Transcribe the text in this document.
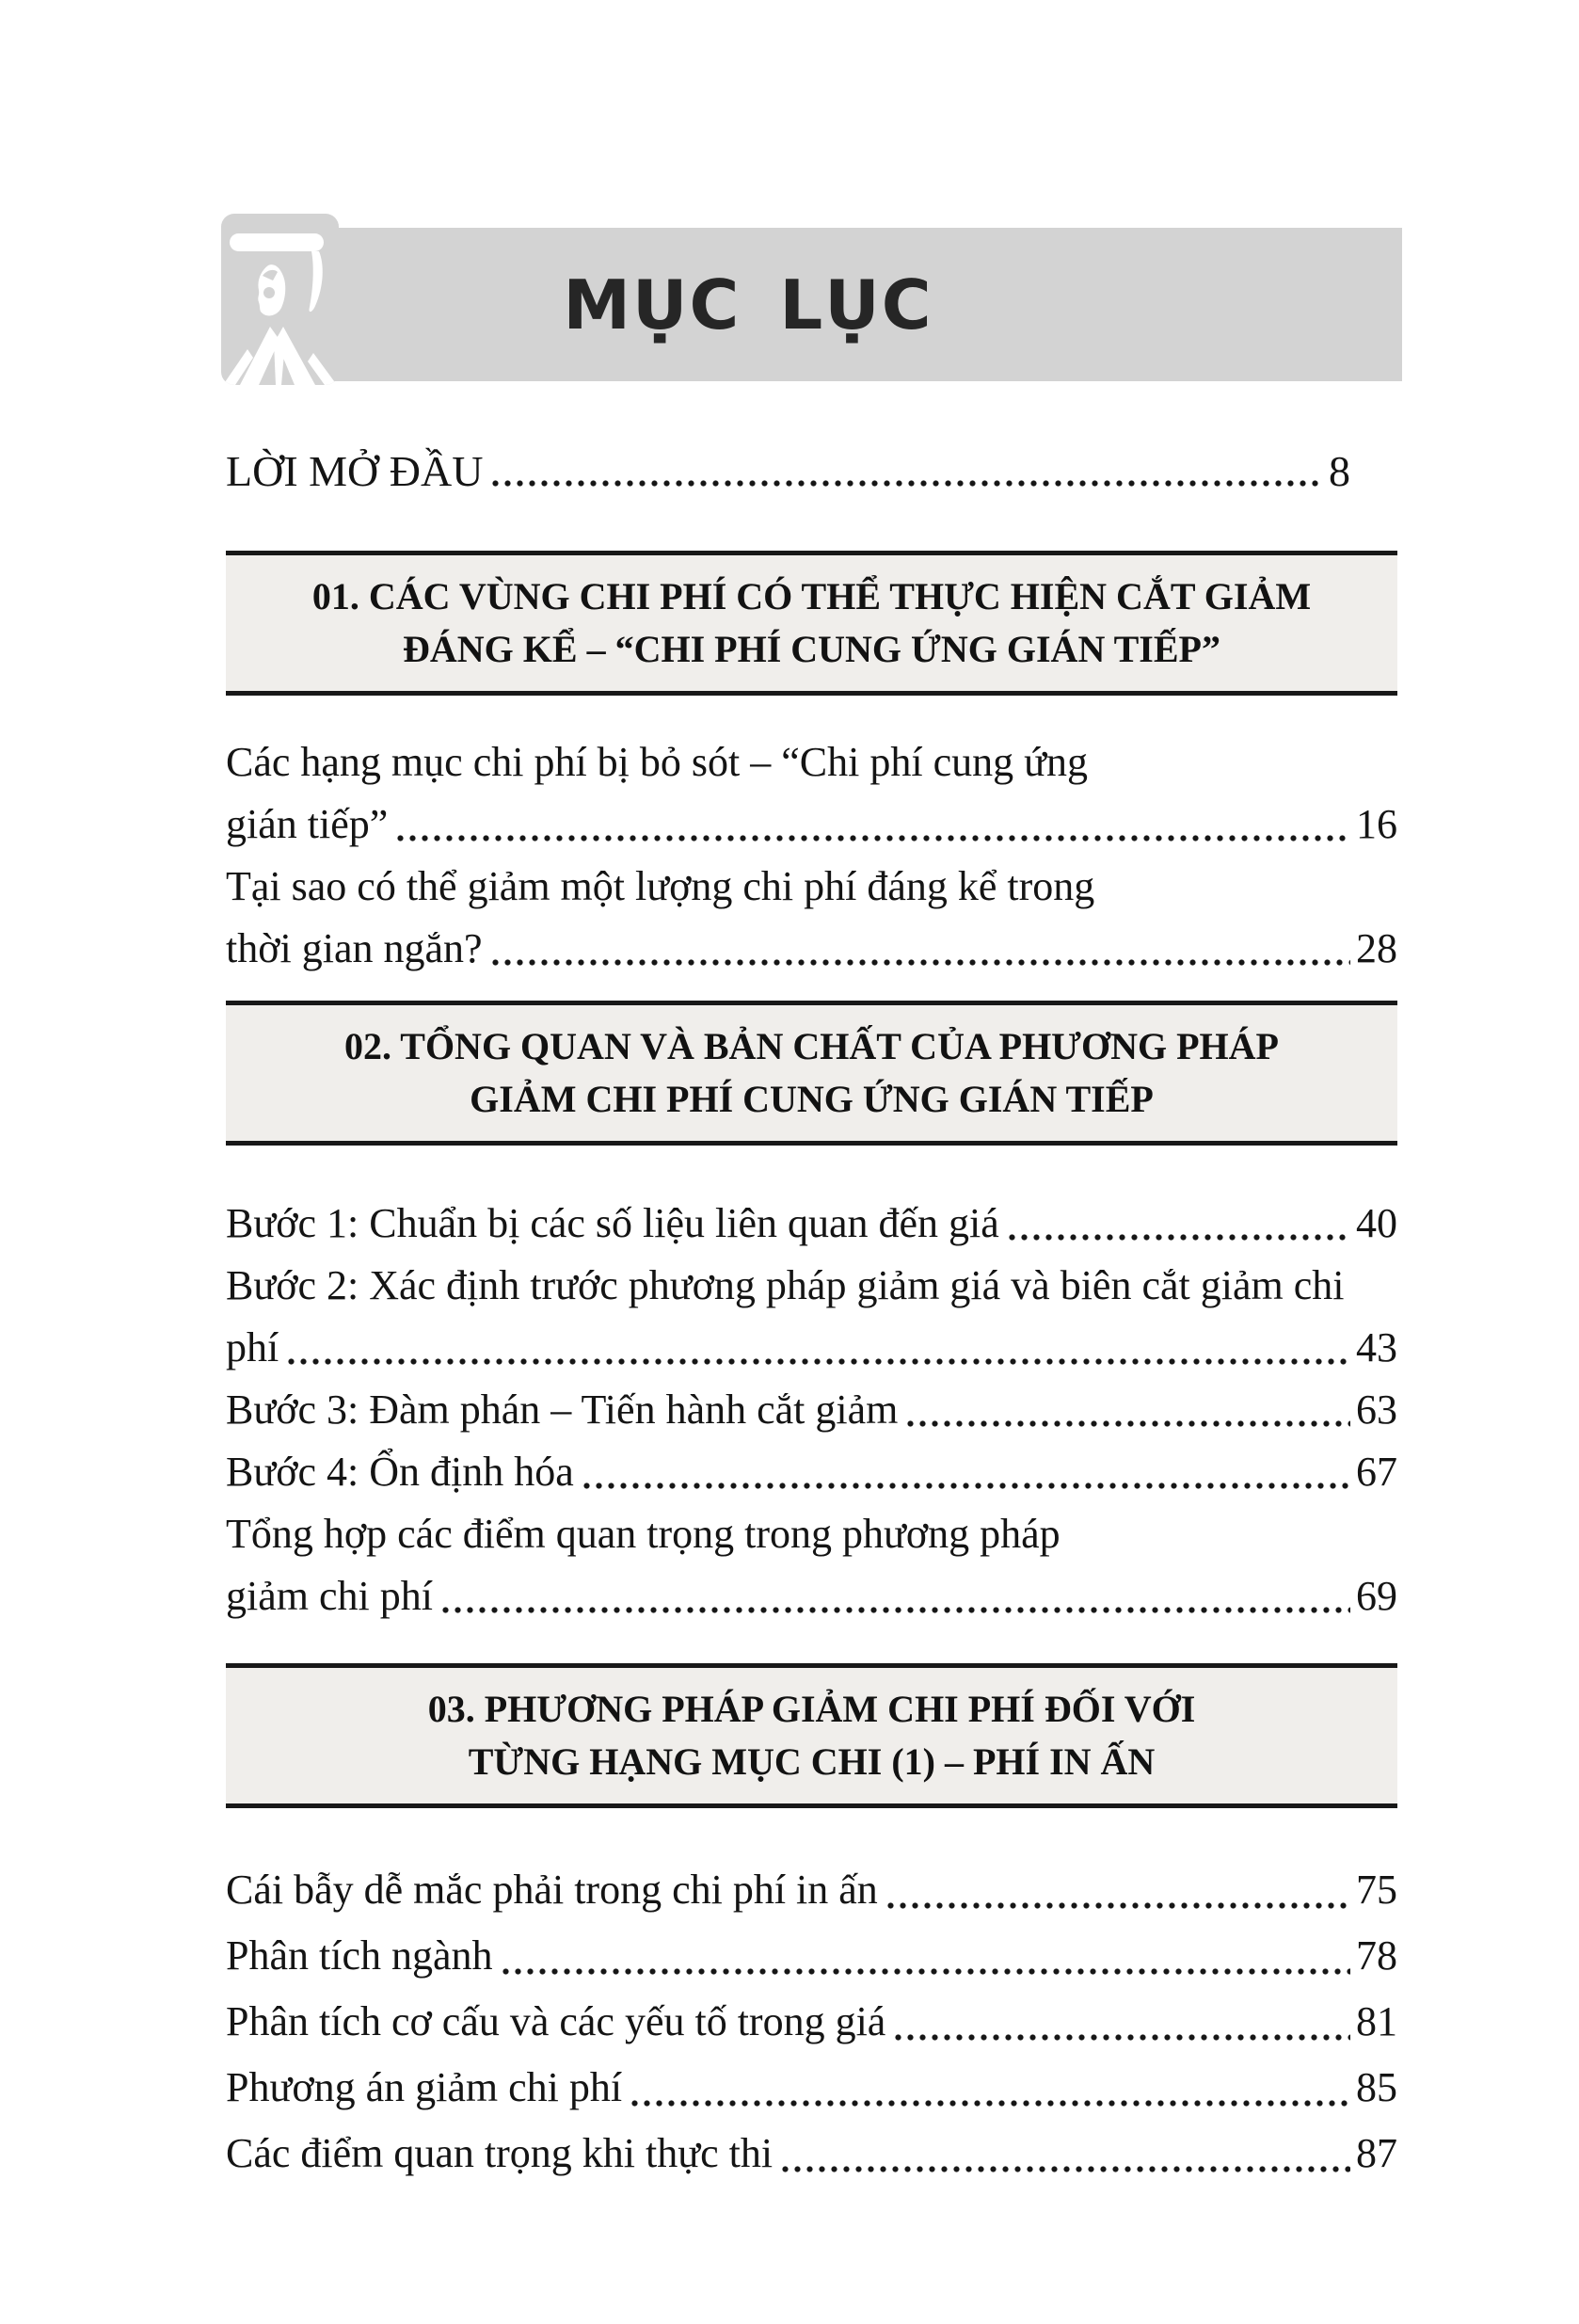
MỤC LỤC
LỜI MỞ ĐẦU	8
01. CÁC VÙNG CHI PHÍ CÓ THỂ THỰC HIỆN CẮT GIẢM
ĐÁNG KỂ – “CHI PHÍ CUNG ỨNG GIÁN TIẾP”
Các hạng mục chi phí bị bỏ sót – “Chi phí cung ứng
gián tiếp”	16
Tại sao có thể giảm một lượng chi phí đáng kể trong
thời gian ngắn?	28
02. TỔNG QUAN VÀ BẢN CHẤT CỦA PHƯƠNG PHÁP
GIẢM CHI PHÍ CUNG ỨNG GIÁN TIẾP
Bước 1: Chuẩn bị các số liệu liên quan đến giá	40
Bước 2: Xác định trước phương pháp giảm giá và biên cắt giảm chi
phí	43
Bước 3: Đàm phán – Tiến hành cắt giảm	63
Bước 4: Ổn định hóa	67
Tổng hợp các điểm quan trọng trong phương pháp
giảm chi phí	69
03. PHƯƠNG PHÁP GIẢM CHI PHÍ ĐỐI VỚI
TỪNG HẠNG MỤC CHI (1) – PHÍ IN ẤN
Cái bẫy dễ mắc phải trong chi phí in ấn	75
Phân tích ngành	78
Phân tích cơ cấu và các yếu tố trong giá	81
Phương án giảm chi phí	85
Các điểm quan trọng khi thực thi	87
